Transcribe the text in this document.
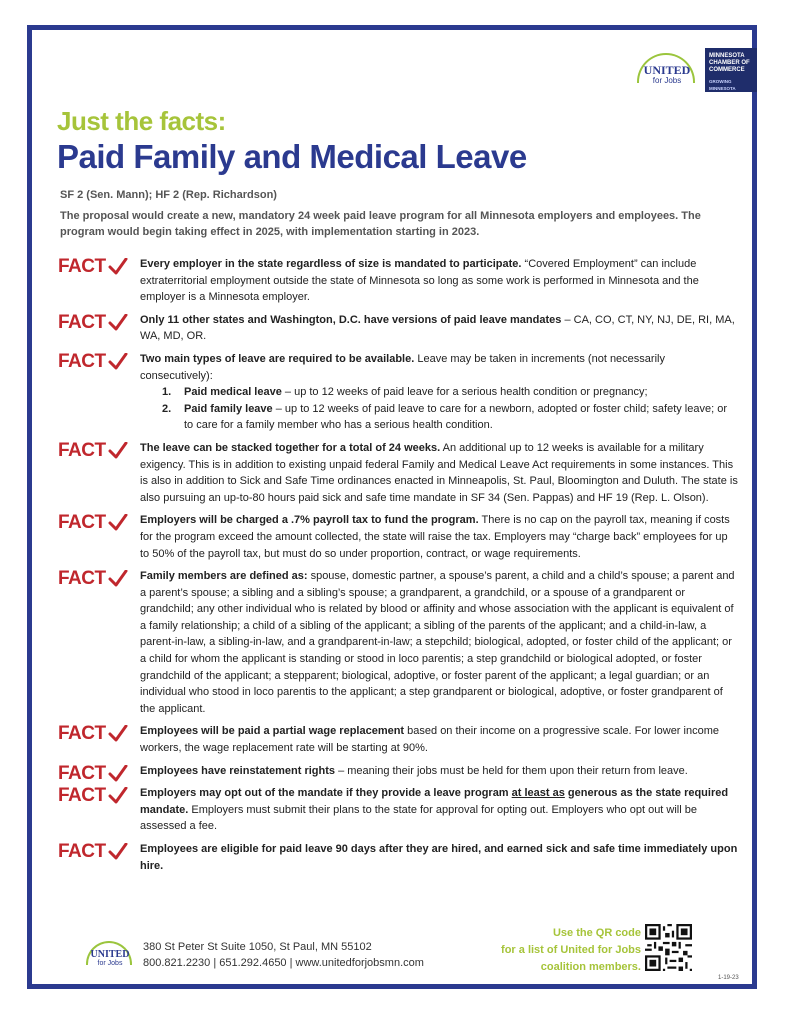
UNITED
for Jobs
MINNESOTA
CHAMBER OF
COMMERCE
GROWING MINNESOTA
Just the facts:
Paid Family and Medical Leave
SF 2 (Sen. Mann); HF 2 (Rep. Richardson)
The proposal would create a new, mandatory 24 week paid leave program for all Minnesota employers and employees. The program would begin taking effect in 2025, with implementation starting in 2023.
FACT	Every employer in the state regardless of size is mandated to participate. “Covered Employment” can include extraterritorial employment outside the state of Minnesota so long as some work is performed in Minnesota and the employer is a Minnesota employer.
FACT	Only 11 other states and Washington, D.C. have versions of paid leave mandates – CA, CO, CT, NY, NJ, DE, RI, MA, WA, MD, OR.
FACT	Two main types of leave are required to be available. Leave may be taken in increments (not necessarily consecutively):
1. Paid medical leave – up to 12 weeks of paid leave for a serious health condition or pregnancy;
2. Paid family leave – up to 12 weeks of paid leave to care for a newborn, adopted or foster child; safety leave; or to care for a family member who has a serious health condition.
FACT	The leave can be stacked together for a total of 24 weeks. An additional up to 12 weeks is available for a military exigency. This is in addition to existing unpaid federal Family and Medical Leave Act requirements in some instances. This is also in addition to Sick and Safe Time ordinances enacted in Minneapolis, St. Paul, Bloomington and Duluth. The state is also pursuing an up-to-80 hours paid sick and safe time mandate in SF 34 (Sen. Pappas) and HF 19 (Rep. L. Olson).
FACT	Employers will be charged a .7% payroll tax to fund the program. There is no cap on the payroll tax, meaning if costs for the program exceed the amount collected, the state will raise the tax. Employers may “charge back” employees for up to 50% of the payroll tax, but must do so under proportion, contract, or wage requirements.
FACT	Family members are defined as: spouse, domestic partner, a spouse’s parent, a child and a child’s spouse; a parent and a parent’s spouse; a sibling and a sibling’s spouse; a grandparent, a grandchild, or a spouse of a grandparent or grandchild; any other individual who is related by blood or affinity and whose association with the applicant is equivalent of a family relationship; a child of a sibling of the applicant; a sibling of the parents of the applicant; and a child-in-law, a parent-in-law, a sibling-in-law, and a grandparent-in-law; a stepchild; biological, adopted, or foster child of the applicant; or a child for whom the applicant is standing or stood in loco parentis; a step grandchild or biological adopted, or foster grandchild of the applicant; a stepparent; biological, adoptive, or foster parent of the applicant; a legal guardian; or an individual who stood in loco parentis to the applicant; a step grandparent or biological, adoptive, or foster grandparent of the applicant.
FACT	Employees will be paid a partial wage replacement based on their income on a progressive scale. For lower income workers, the wage replacement rate will be starting at 90%.
FACT	Employees have reinstatement rights – meaning their jobs must be held for them upon their return from leave.
FACT	Employers may opt out of the mandate if they provide a leave program at least as generous as the state required mandate. Employers must submit their plans to the state for approval for opting out. Employers who opt out will be assessed a fee.
FACT	Employees are eligible for paid leave 90 days after they are hired, and earned sick and safe time immediately upon hire.
UNITED
for Jobs
380 St Peter St Suite 1050, St Paul, MN 55102
800.821.2230 | 651.292.4650 | www.unitedforjobsmn.com
Use the QR code
for a list of United for Jobs
coalition members.
1-19-23
